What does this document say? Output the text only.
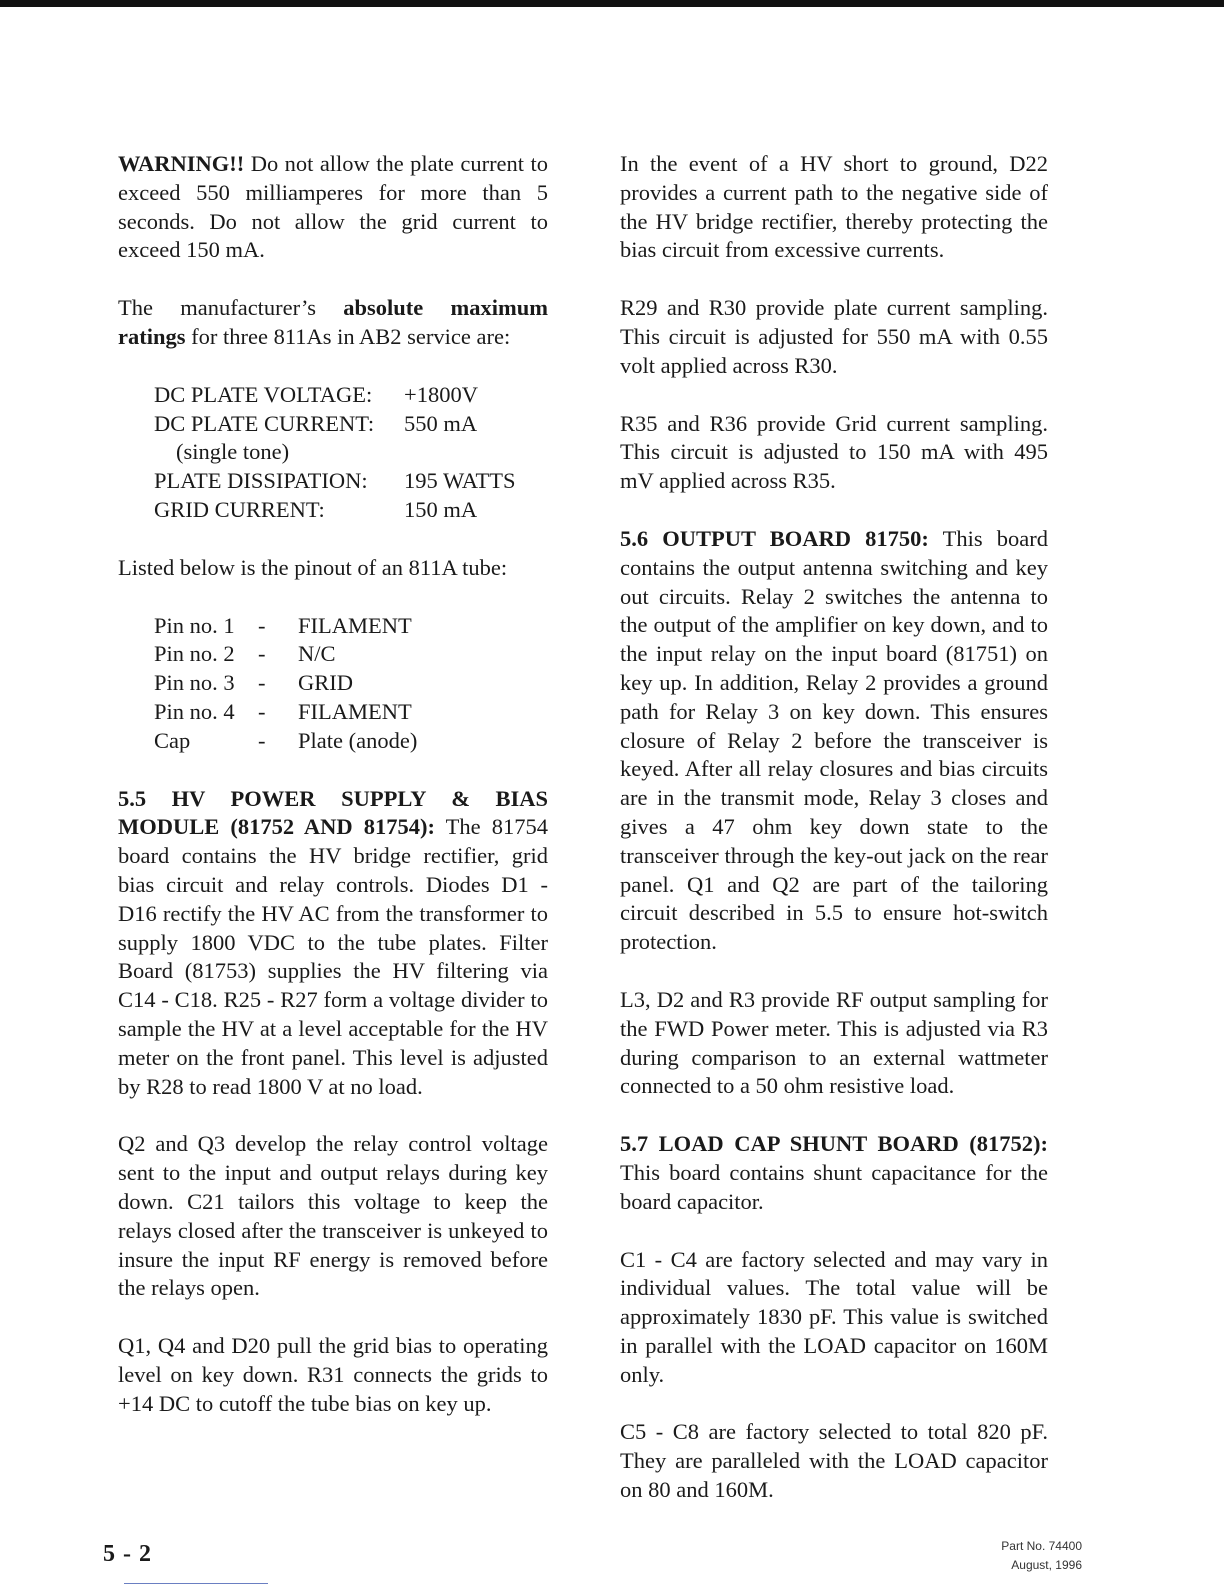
WARNING!! Do not allow the plate current to exceed 550 milliamperes for more than 5 seconds. Do not allow the grid current to exceed 150 mA.

The manufacturer’s absolute maximum ratings for three 811As in AB2 service are:

DC PLATE VOLTAGE:	+1800V
DC PLATE CURRENT:	550 mA
(single tone)
PLATE DISSIPATION:	195 WATTS
GRID CURRENT:	150 mA

Listed below is the pinout of an 811A tube:

Pin no. 1	-	FILAMENT
Pin no. 2	-	N/C
Pin no. 3	-	GRID
Pin no. 4	-	FILAMENT
Cap	-	Plate (anode)

5.5 HV POWER SUPPLY & BIAS MODULE (81752 AND 81754): The 81754 board contains the HV bridge rectifier, grid bias circuit and relay controls. Diodes D1 - D16 rectify the HV AC from the transformer to supply 1800 VDC to the tube plates. Filter Board (81753) supplies the HV filtering via C14 - C18. R25 - R27 form a voltage divider to sample the HV at a level acceptable for the HV meter on the front panel. This level is adjusted by R28 to read 1800 V at no load.

Q2 and Q3 develop the relay control voltage sent to the input and output relays during key down. C21 tailors this voltage to keep the relays closed after the transceiver is unkeyed to insure the input RF energy is removed before the relays open.

Q1, Q4 and D20 pull the grid bias to operating level on key down. R31 connects the grids to +14 DC to cutoff the tube bias on key up.

In the event of a HV short to ground, D22 provides a current path to the negative side of the HV bridge rectifier, thereby protecting the bias circuit from excessive currents.

R29 and R30 provide plate current sampling. This circuit is adjusted for 550 mA with 0.55 volt applied across R30.

R35 and R36 provide Grid current sampling. This circuit is adjusted to 150 mA with 495 mV applied across R35.

5.6 OUTPUT BOARD 81750: This board contains the output antenna switching and key out circuits. Relay 2 switches the antenna to the output of the amplifier on key down, and to the input relay on the input board (81751) on key up. In addition, Relay 2 provides a ground path for Relay 3 on key down. This ensures closure of Relay 2 before the transceiver is keyed. After all relay closures and bias circuits are in the transmit mode, Relay 3 closes and gives a 47 ohm key down state to the transceiver through the key-out jack on the rear panel. Q1 and Q2 are part of the tailoring circuit described in 5.5 to ensure hot-switch protection.

L3, D2 and R3 provide RF output sampling for the FWD Power meter. This is adjusted via R3 during comparison to an external wattmeter connected to a 50 ohm resistive load.

5.7 LOAD CAP SHUNT BOARD (81752): This board contains shunt capacitance for the board capacitor.

C1 - C4 are factory selected and may vary in individual values. The total value will be approximately 1830 pF. This value is switched in parallel with the LOAD capacitor on 160M only.

C5 - C8 are factory selected to total 820 pF. They are paralleled with the LOAD capacitor on 80 and 160M.

5 - 2	Part No. 74400
August, 1996
